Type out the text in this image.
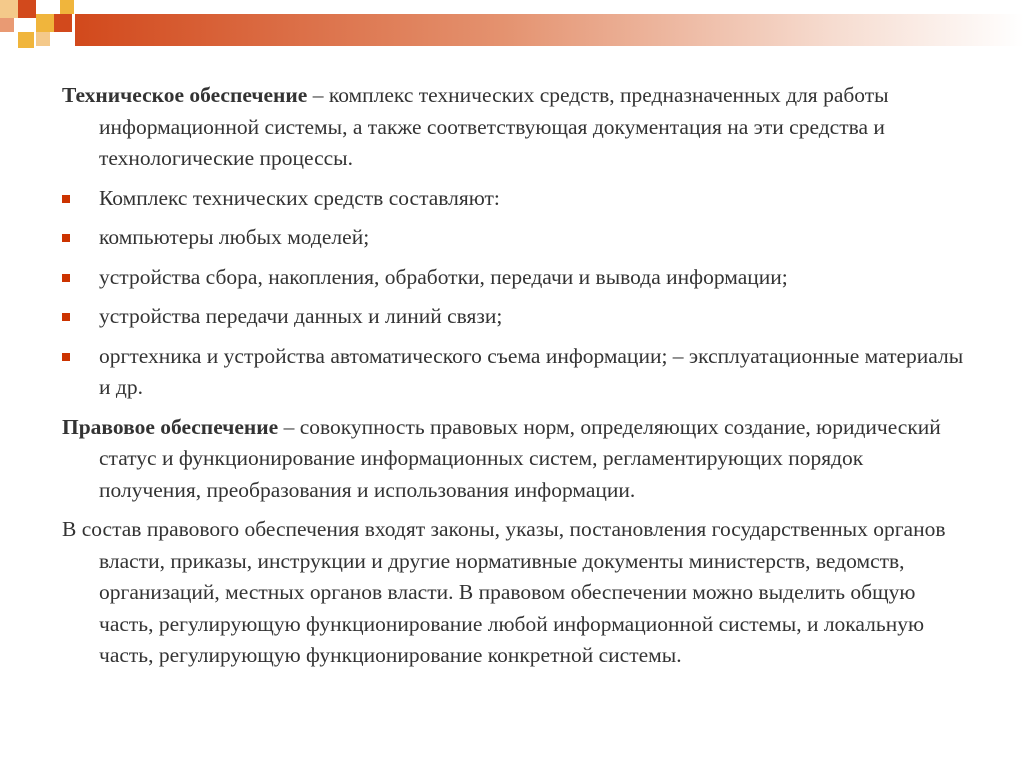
Техническое обеспечение – комплекс технических средств, предназначенных для работы информационной системы, а также соответствующая документация на эти средства и технологические процессы.

Комплекс технических средств составляют:
компьютеры любых моделей;
устройства сбора, накопления, обработки, передачи и вывода информации;
устройства передачи данных и линий связи;
оргтехника и устройства автоматического съема информации; – эксплуатационные материалы и др.

Правовое обеспечение – совокупность правовых норм, определяющих создание, юридический статус и функционирование информационных систем, регламентирующих порядок получения, преобразования и использования информации.

В состав правового обеспечения входят законы, указы, постановления государственных органов власти, приказы, инструкции и другие нормативные документы министерств, ведомств, организаций, местных органов власти. В правовом обеспечении можно выделить общую часть, регулирующую функционирование любой информационной системы, и локальную часть, регулирующую функционирование конкретной системы.
